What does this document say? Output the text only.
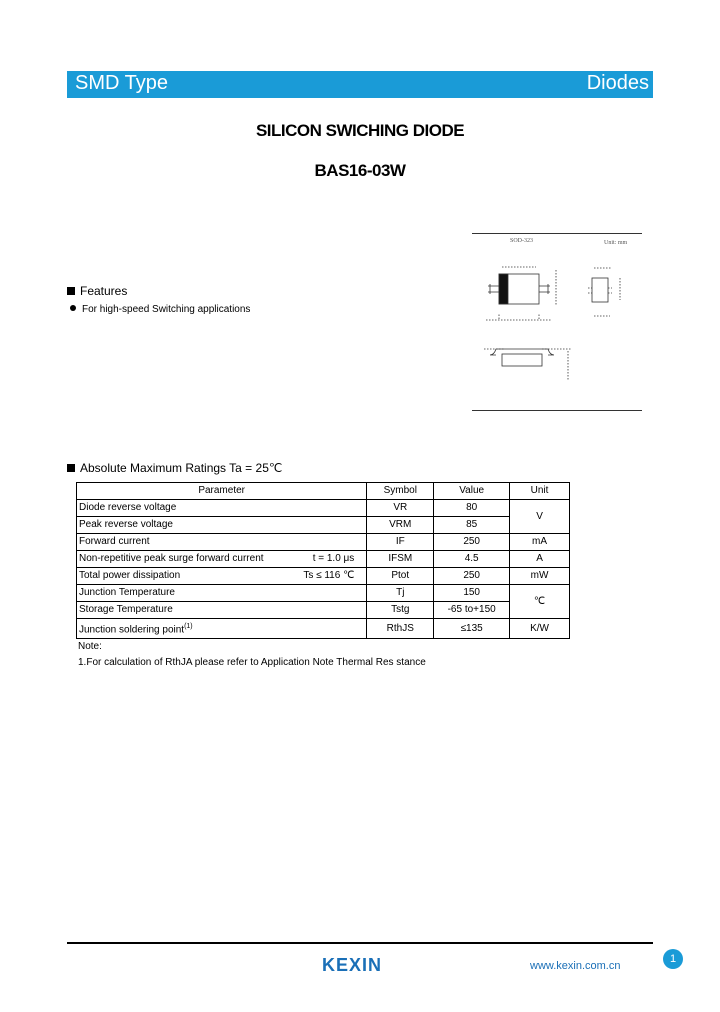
SMD Type	Diodes
SILICON SWICHING DIODE
BAS16-03W
SOD-323	Unit: mm
Features
For high-speed Switching applications
Absolute Maximum Ratings Ta = 25℃
Parameter	Symbol	Value	Unit
Diode reverse voltage	VR	80	V
Peak reverse voltage	VRM	85	
Forward current	IF	250	mA
Non-repetitive peak surge forward current t = 1.0 μs	IFSM	4.5	A
Total power dissipation Ts ≤ 116 ℃	Ptot	250	mW
Junction Temperature	Tj	150	℃
Storage Temperature	Tstg	-65 to+150	
Junction soldering point$^{(1)}$	RthJS	≤135	K/W
Note:
1.For calculation of RthJA please refer to Application Note Thermal Res stance
1
KEXIN	www.kexin.com.cn
